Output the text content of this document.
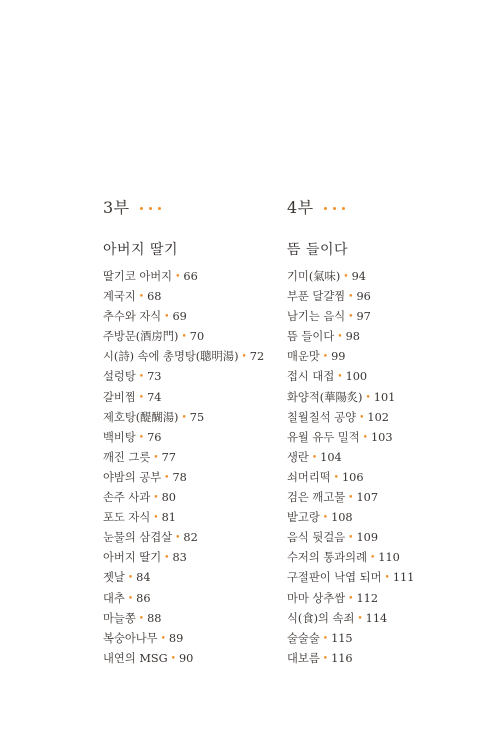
3부
아버지 딸기
딸기코 아버지 • 66
계국지 • 68
추수와 자식 • 69
주방문(酒房門) • 70
시(詩) 속에 총명탕(聰明湯) • 72
설렁탕 • 73
갈비찜 • 74
제호탕(醍醐湯) • 75
백비탕 • 76
깨진 그릇 • 77
야밤의 공부 • 78
손주 사과 • 80
포도 자식 • 81
눈물의 삼겹살 • 82
아버지 딸기 • 83
젯날 • 84
대추 • 86
마늘쫑 • 88
복숭아나무 • 89
내연의 MSG • 90
4부
뜸 들이다
기미(氣味) • 94
부푼 달걀찜 • 96
남기는 음식 • 97
뜸 들이다 • 98
매운맛 • 99
접시 대접 • 100
화양적(華陽炙) • 101
칠월칠석 공양 • 102
유월 유두 밀적 • 103
생란 • 104
쇠머리떡 • 106
검은 깨고물 • 107
밭고랑 • 108
음식 뒷걸음 • 109
수저의 통과의례 • 110
구절판이 낙엽 되머 • 111
마마 상추쌈 • 112
식(食)의 속죄 • 114
술술술 • 115
대보름 • 116
